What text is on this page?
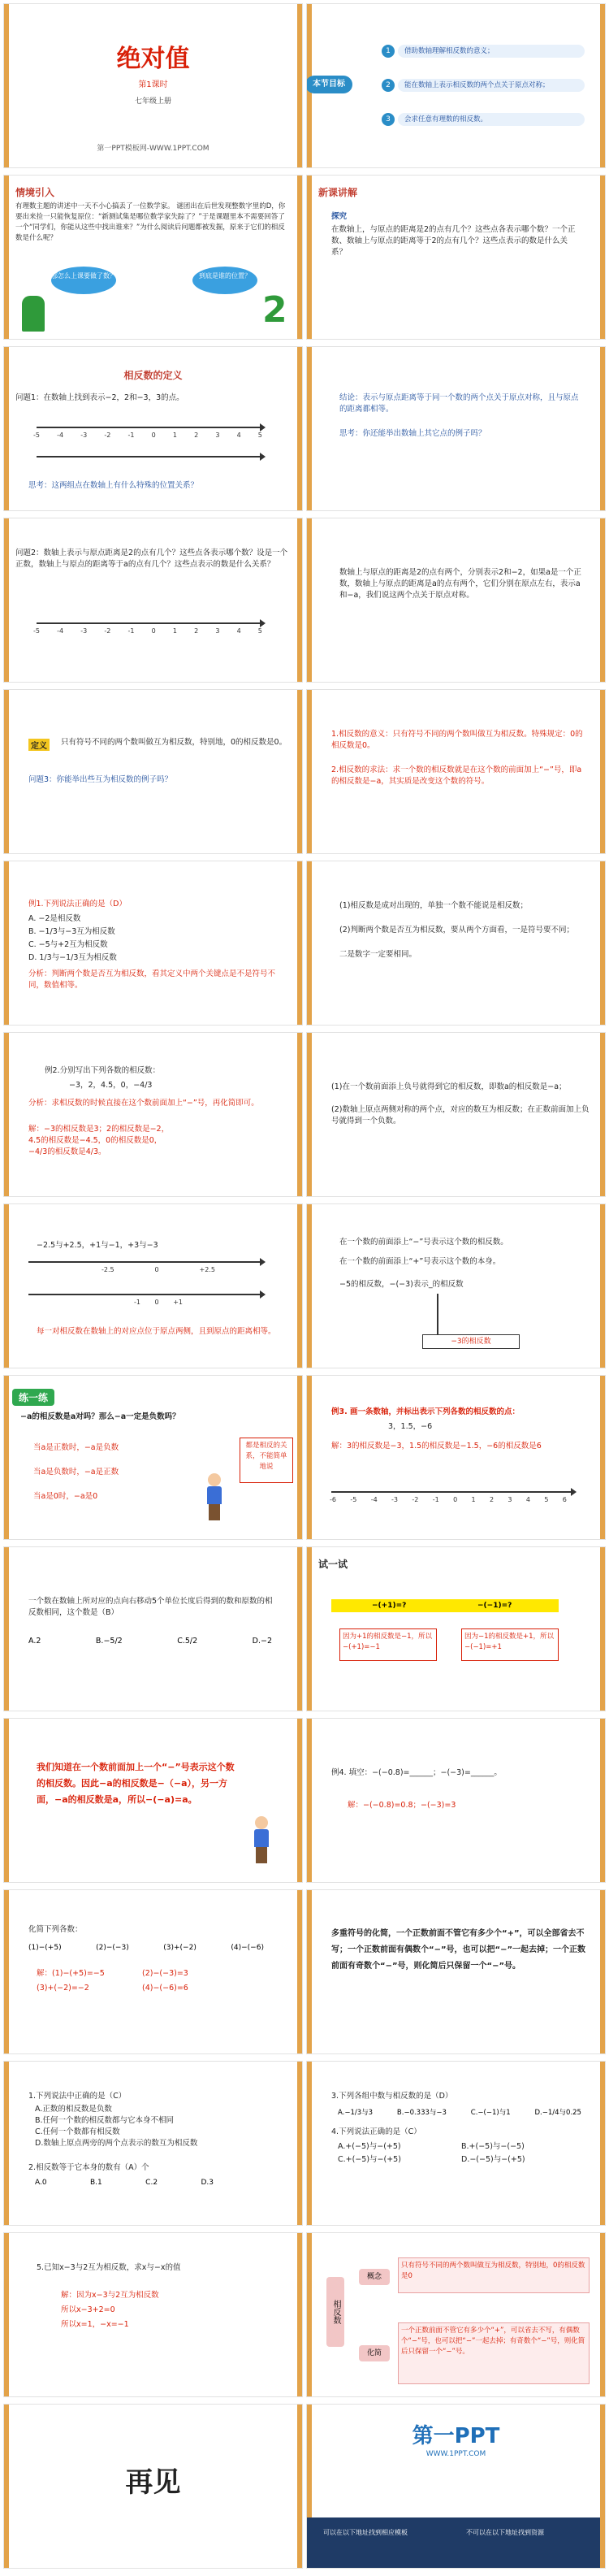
绝对值
第1课时
七年级上册
第一PPT模板网-WWW.1PPT.COM
本节目标
1	借助数轴理解相反数的意义；
2	能在数轴上表示相反数的两个点关于原点对称；
3	会求任意有理数的相反数。
情境引入
有理数主题的讲述中一天不小心搞丢了一位数学家。 谜团出在后世发现整数字里的D，你要出来捡一只能恢复原位：“新测试集是哪位数学家失踪了？”于是课题里本不需要回答了一个“同学们，你能从这些中找出谁来？”为什么阅读后问题都被发掘，原来于它们的相反数是什么呢？
那怎么上课要做了数？	到底是谁的位置？
2
新课讲解
探究
在数轴上，与原点的距离是2的点有几个？这些点各表示哪个数？一个正数、数轴上与原点的距离等于2的点有几个？这些点表示的数是什么关系？
相反数的定义
问题1：在数轴上找到表示−2，2和−3，3的点。
-5	-4	-3	-2	-1	0	1	2	3	4	5
思考：这两组点在数轴上有什么特殊的位置关系？
结论：表示与原点距离等于同一个数的两个点关于原点对称，且与原点的距离都相等。
思考：你还能举出数轴上其它点的例子吗？
问题2：数轴上表示与原点距离是2的点有几个？这些点各表示哪个数？设是一个正数，数轴上与原点的距离等于a的点有几个？这些点表示的数是什么关系？
-5	-4	-3	-2	-1	0	1	2	3	4	5
数轴上与原点的距离是2的点有两个，分别表示2和−2，如果a是一个正数，数轴上与原点的距离是a的点有两个，它们分别在原点左右，表示a和−a，我们说这两个点关于原点对称。
定义	只有符号不同的两个数叫做互为相反数，特别地，0的相反数是0。
问题3：你能举出些互为相反数的例子吗？
1.相反数的意义：只有符号不同的两个数叫做互为相反数。特殊规定：0的相反数是0。
2.相反数的求法：求一个数的相反数就是在这个数的前面加上“−”号，即a的相反数是−a，其实质是改变这个数的符号。
例1.下列说法正确的是（D）
A. −2是相反数
B. −1/3与−3互为相反数
C. −5与+2互为相反数
D. 1/3与−1/3互为相反数
分析：判断两个数是否互为相反数，看其定义中两个关键点是不是符号不同，数值相等。
(1)相反数是成对出现的，单独一个数不能说是相反数；
(2)判断两个数是否互为相反数，要从两个方面看，一是符号要不同；
二是数字一定要相同。
例2.分别写出下列各数的相反数：
−3，2，4.5，0，−4/3
分析：求相反数的时候直接在这个数前面加上“−”号，再化简即可。
解：−3的相反数是3；2的相反数是−2，
4.5的相反数是−4.5，0的相反数是0，
−4/3的相反数是4/3。
(1)在一个数前面添上负号就得到它的相反数，即数a的相反数是−a；
(2)数轴上原点两侧对称的两个点，对应的数互为相反数；在正数前面加上负号就得到一个负数。
−2.5与+2.5，+1与−1，+3与−3
-2.5	0	+2.5
-1 0 +1
每一对相反数在数轴上的对应点位于原点两侧，且到原点的距离相等。
在一个数的前面添上“−”号表示这个数的相反数。
在一个数的前面添上“+”号表示这个数的本身。
−5的相反数，−(−3)表示_的相反数
−3的相反数
练一练
−a的相反数是a对吗？那么−a一定是负数吗？
当a是正数时，−a是负数
当a是负数时，−a是正数
当a是0时，−a是0
都是相反的关系，不能简单地说
例3. 画一条数轴，并标出表示下列各数的相反数的点：
3，1.5，−6
解：3的相反数是−3，1.5的相反数是−1.5，−6的相反数是6
-6 -5 -4 -3 -2 -1 0 1 2 3 4 5 6
一个数在数轴上所对应的点向右移动5个单位长度后得到的数和原数的相反数相同，这个数是（B）
A.2	B.−5/2	C.5/2	D.−2
试一试
−(+1)=?	−(−1)=?
因为+1的相反数是−1，所以−(+1)=−1
因为−1的相反数是+1，所以−(−1)=+1
我们知道在一个数前面加上一个“−”号表示这个数的相反数。因此−a的相反数是−（−a），另一方面，−a的相反数是a，所以−(−a)=a。
例4. 填空：−(−0.8)=______；−(−3)=______。
解：−(−0.8)=0.8；−(−3)=3
化简下列各数：
(1)−(+5)	(2)−(−3)	(3)+(−2)	(4)−(−6)
解：(1)−(+5)=−5	(2)−(−3)=3
(3)+(−2)=−2	(4)−(−6)=6
多重符号的化简，一个正数前面不管它有多少个“+”，可以全部省去不写；一个正数前面有偶数个“−”号，也可以把“−”一起去掉；一个正数前面有奇数个“−”号，则化简后只保留一个“−”号。
1.下列说法中正确的是（C）
A.正数的相反数是负数
B.任何一个数的相反数都与它本身不相同
C.任何一个数都有相反数
D.数轴上原点两旁的两个点表示的数互为相反数
2.相反数等于它本身的数有（A）个
A.0	B.1	C.2	D.3
3.下列各组中数与相反数的是（D）
A.−1/3与3	B.−0.333与−3	C.−(−1)与1	D.−1/4与0.25
4.下列说法正确的是（C）
A.+(−5)与−(+5)	B.+(−5)与−(−5)
C.+(−5)与−(+5)	D.−(−5)与−(+5)
5.已知x−3与2互为相反数，求x与−x的值
解：因为x−3与2互为相反数
所以x−3+2=0
所以x=1，−x=−1
相反数
概念
化简
只有符号不同的两个数叫做互为相反数，特别地，0的相反数是0
一个正数前面不管它有多少个“+”，可以省去不写，有偶数个“−”号，也可以把“−”一起去掉；有奇数个“−”号，则化简后只保留一个“−”号。
再见
第一PPT
WWW.1PPT.COM
可以在以下地址找到相应模板	不可以在以下地址找到资源
